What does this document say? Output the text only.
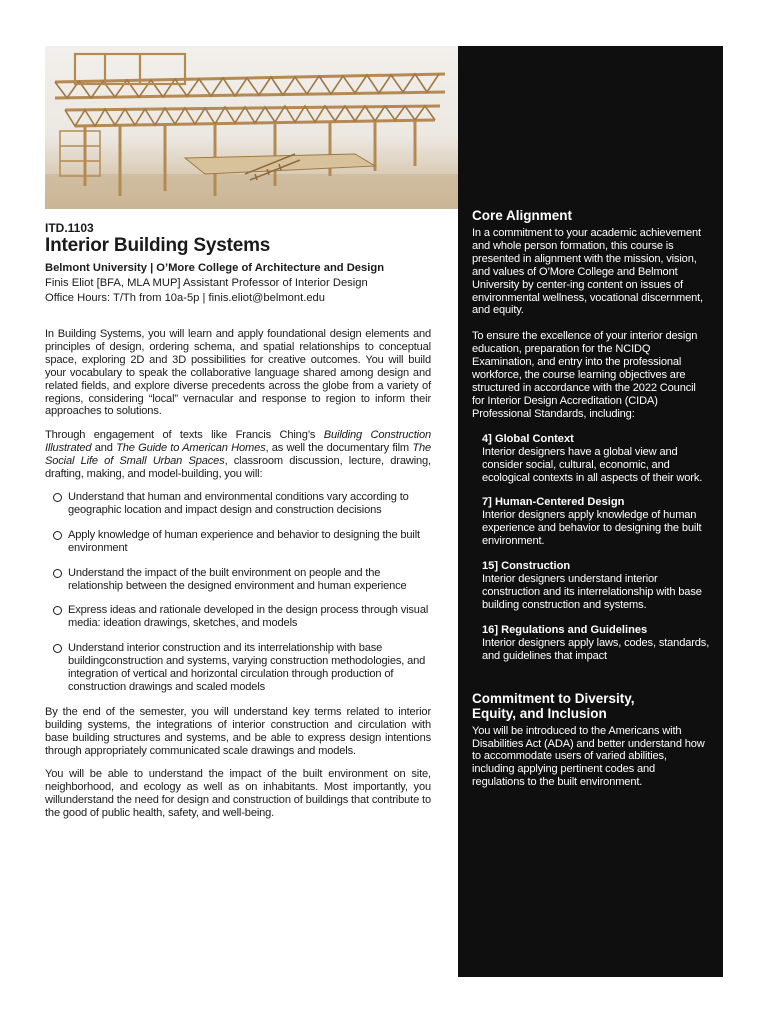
Core Alignment

In a commitment to your academic achievement and whole person formation, this course is presented in alignment with the mission, vision, and values of O’More College and Belmont University by center-ing content on issues of environmental wellness, vocational discernment, and equity.

To ensure the excellence of your interior design education, preparation for the NCIDQ Examination, and entry into the professional workforce, the course learning objectives are structured in accordance with the 2022 Council for Interior Design Accreditation (CIDA) Professional Standards, including:

4] Global Context
Interior designers have a global view and consider social, cultural, economic, and ecological contexts in all aspects of their work.
7] Human-Centered Design
Interior designers apply knowledge of human experience and behavior to designing the built environment.
15] Construction
Interior designers understand interior construction and its interrelationship with base building construction and systems.
16] Regulations and Guidelines
Interior designers apply laws, codes, standards, and guidelines that impact
Commitment to Diversity, Equity, and Inclusion

You will be introduced to the Americans with Disabilities Act (ADA) and better understand how to accommodate users of varied abilities, including applying pertinent codes and regulations to the built environment.

ITD.1103

Interior Building Systems

Belmont University | O’More College of Architecture and Design

Finis Eliot [BFA, MLA MUP] Assistant Professor of Interior Design

Office Hours: T/Th from 10a-5p | finis.eliot@belmont.edu

In Building Systems, you will learn and apply foundational design elements and principles of design, ordering schema, and spatial relationships to conceptual space, exploring 2D and 3D possibilities for creative outcomes. You will build your vocabulary to speak the collaborative language shared among design and related fields, and explore diverse precedents across the globe from a variety of regions, considering “local” vernacular and response to region to inform their approaches to solutions.

Through engagement of texts like Francis Ching’s Building Construction Illustrated and The Guide to American Homes, as well the documentary film The Social Life of Small Urban Spaces, classroom discussion, lecture, drawing, drafting, making, and model-building, you will:

Understand that human and environmental conditions vary according to geographic location and impact design and construction decisions
Apply knowledge of human experience and behavior to designing the built environment
Understand the impact of the built environment on people and the relationship between the designed environment and human experience
Express ideas and rationale developed in the design process through visual media: ideation drawings, sketches, and models
Understand interior construction and its interrelationship with base buildingconstruction and systems, varying construction methodologies, and integration of vertical and horizontal circulation through production of construction drawings and scaled models

By the end of the semester, you will understand key terms related to interior building systems, the integrations of interior construction and circulation with base building structures and systems, and be able to express design intentions through appropriately communicated scale drawings and models.

You will be able to understand the impact of the built environment on site, neighborhood, and ecology as well as on inhabitants. Most importantly, you willunderstand the need for design and construction of buildings that contribute to the good of public health, safety, and well-being.
